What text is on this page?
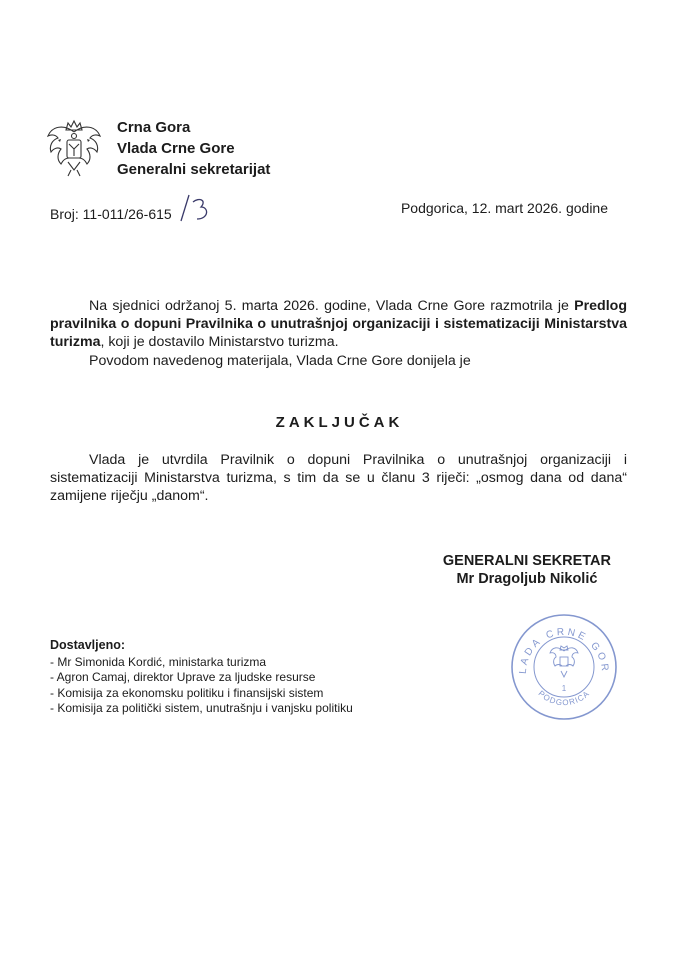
Crna Gora
Vlada Crne Gore
Generalni sekretarijat
Broj: 11-011/26-615	Podgorica, 12. mart 2026. godine
Na sjednici održanoj 5. marta 2026. godine, Vlada Crne Gore razmotrila je Predlog pravilnika o dopuni Pravilnika o unutrašnjoj organizaciji i sistematizaciji Ministarstva turizma, koji je dostavilo Ministarstvo turizma.
Povodom navedenog materijala, Vlada Crne Gore donijela je
ZAKLJUČAK
Vlada je utvrdila Pravilnik o dopuni Pravilnika o unutrašnjoj organizaciji i sistematizaciji Ministarstva turizma, s tim da se u članu 3 riječi: „osmog dana od dana“ zamijene riječju „danom“.
GENERALNI SEKRETAR
Mr Dragoljub Nikolić
Dostavljeno:
- Mr Simonida Kordić, ministarka turizma
- Agron Camaj, direktor Uprave za ljudske resurse
- Komisija za ekonomsku politiku i finansijski sistem
- Komisija za politički sistem, unutrašnju i vanjsku politiku
LADA CRNE GOR
PODGORICA
1
